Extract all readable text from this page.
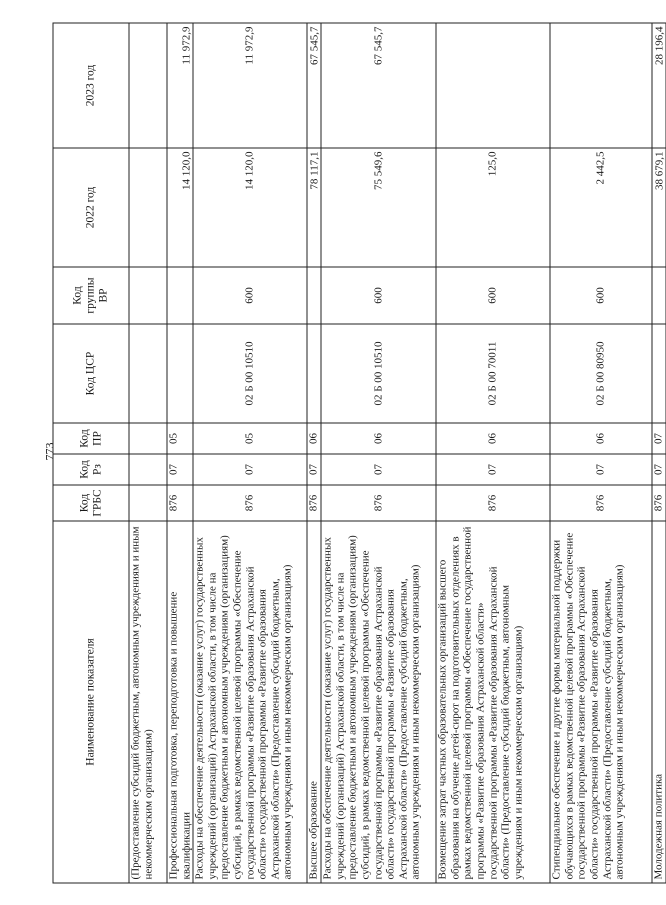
773
Наименование показателя	Код ГРБС	Код Рз	Код ПР	Код ЦСР	Код группы ВР	2022 год	2023 год
(Предоставление субсидий бюджетным, автономным учреждениям и иным некоммерческим организациям)							
Профессиональная подготовка, переподготовка и повышение квалификации	876	07	05			14 120,0	11 972,9
Расходы на обеспечение деятельности (оказание услуг) государственных учреждений (организаций) Астраханской области, в том числе на предоставление бюджетным и автономным учреждениям (организациям) субсидий, в рамках ведомственной целевой программы «Обеспечение государственной программы «Развитие образования Астраханской области» государственной программы «Развитие образования Астраханской области» (Предоставление субсидий бюджетным, автономным учреждениям и иным некоммерческим организациям)	876	07	05	02 Б 00 10510	600	14 120,0	11 972,9
Высшее образование	876	07	06			78 117,1	67 545,7
Расходы на обеспечение деятельности (оказание услуг) государственных учреждений (организаций) Астраханской области, в том числе на предоставление бюджетным и автономным учреждениям (организациям) субсидий, в рамках ведомственной целевой программы «Обеспечение государственной программы «Развитие образования Астраханской области» государственной программы «Развитие образования Астраханской области» (Предоставление субсидий бюджетным, автономным учреждениям и иным некоммерческим организациям)	876	07	06	02 Б 00 10510	600	75 549,6	67 545,7
Возмещение затрат частных образовательных организаций высшего образования на обучение детей-сирот на подготовительных отделениях в рамках ведомственной целевой программы «Обеспечение государственной программы «Развитие образования Астраханской области» государственной программы «Развитие образования Астраханской области» (Предоставление субсидий бюджетным, автономным учреждениям и иным некоммерческим организациям)	876	07	06	02 Б 00 70011	600	125,0	
Стипендиальное обеспечение и другие формы материальной поддержки обучающихся в рамках ведомственной целевой программы «Обеспечение государственной программы «Развитие образования Астраханской области» государственной программы «Развитие образования Астраханской области» (Предоставление субсидий бюджетным, автономным учреждениям и иным некоммерческим организациям)	876	07	06	02 Б 00 80950	600	2 442,5	
Молодежная политика	876	07	07			38 679,1	28 196,4
